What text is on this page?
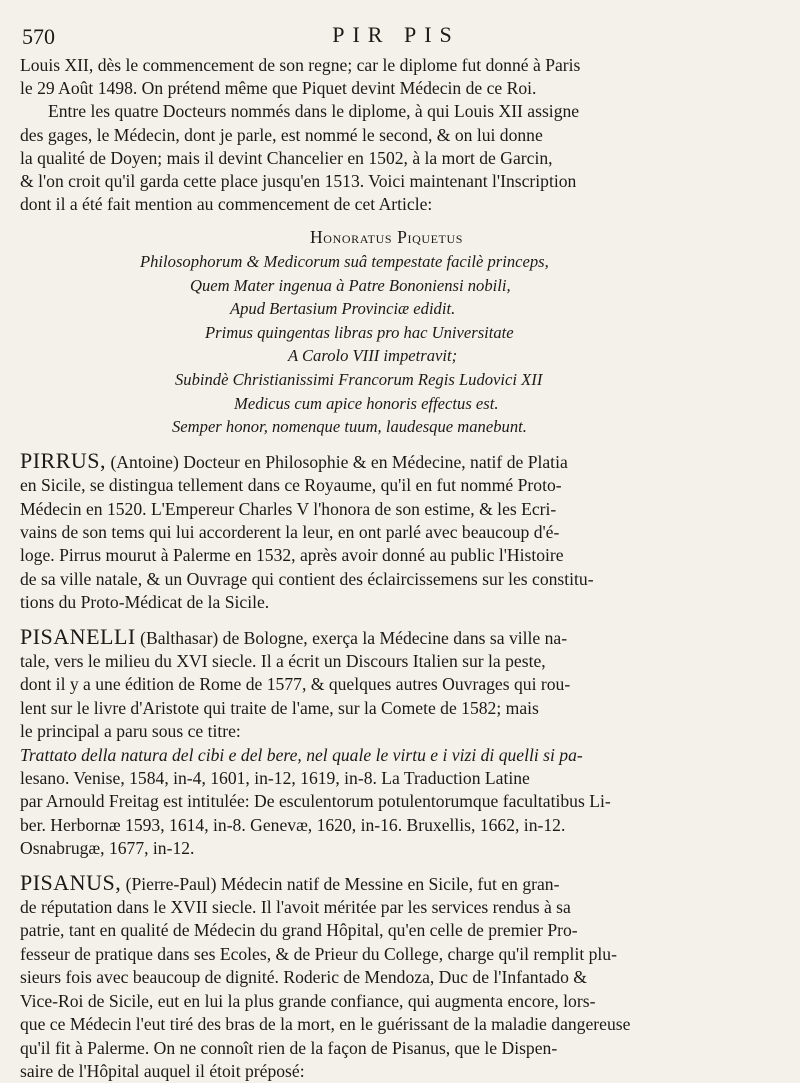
570	PIR PIS

Louis XII, dès le commencement de son regne; car le diplome fut donné à Paris

le 29 Août 1498. On prétend même que Piquet devint Médecin de ce Roi.

Entre les quatre Docteurs nommés dans le diplome, à qui Louis XII assigne

des gages, le Médecin, dont je parle, est nommé le second, & on lui donne

la qualité de Doyen; mais il devint Chancelier en 1502, à la mort de Garcin,

& l'on croit qu'il garda cette place jusqu'en 1513. Voici maintenant l'Inscription

dont il a été fait mention au commencement de cet Article:

Honoratus Piquetus
Philosophorum & Medicorum suâ tempestate facilè princeps,
Quem Mater ingenua à Patre Bononiensi nobili,
Apud Bertasium Provinciæ edidit.
Primus quingentas libras pro hac Universitate
A Carolo VIII impetravit;
Subindè Christianissimi Francorum Regis Ludovici XII
Medicus cum apice honoris effectus est.
Semper honor, nomenque tuum, laudesque manebunt.

PIRRUS, (Antoine) Docteur en Philosophie & en Médecine, natif de Platia

en Sicile, se distingua tellement dans ce Royaume, qu'il en fut nommé Proto-

Médecin en 1520. L'Empereur Charles V l'honora de son estime, & les Ecri-

vains de son tems qui lui accorderent la leur, en ont parlé avec beaucoup d'é-

loge. Pirrus mourut à Palerme en 1532, après avoir donné au public l'Histoire

de sa ville natale, & un Ouvrage qui contient des éclaircissemens sur les constitu-

tions du Proto-Médicat de la Sicile.

PISANELLI (Balthasar) de Bologne, exerça la Médecine dans sa ville na-

tale, vers le milieu du XVI siecle. Il a écrit un Discours Italien sur la peste,

dont il y a une édition de Rome de 1577, & quelques autres Ouvrages qui rou-

lent sur le livre d'Aristote qui traite de l'ame, sur la Comete de 1582; mais

le principal a paru sous ce titre:

Trattato della natura del cibi e del bere, nel quale le virtu e i vizi di quelli si pa-

lesano. Venise, 1584, in-4, 1601, in-12, 1619, in-8. La Traduction Latine

par Arnould Freitag est intitulée: De esculentorum potulentorumque facultatibus Li-

ber. Herbornæ 1593, 1614, in-8. Genevæ, 1620, in-16. Bruxellis, 1662, in-12.

Osnabrugæ, 1677, in-12.

PISANUS, (Pierre-Paul) Médecin natif de Messine en Sicile, fut en gran-

de réputation dans le XVII siecle. Il l'avoit méritée par les services rendus à sa

patrie, tant en qualité de Médecin du grand Hôpital, qu'en celle de premier Pro-

fesseur de pratique dans ses Ecoles, & de Prieur du College, charge qu'il remplit plu-

sieurs fois avec beaucoup de dignité. Roderic de Mendoza, Duc de l'Infantado &

Vice-Roi de Sicile, eut en lui la plus grande confiance, qui augmenta encore, lors-

que ce Médecin l'eut tiré des bras de la mort, en le guérissant de la maladie dangereuse

qu'il fit à Palerme. On ne connoît rien de la façon de Pisanus, que le Dispen-

saire de l'Hôpital auquel il étoit préposé:
